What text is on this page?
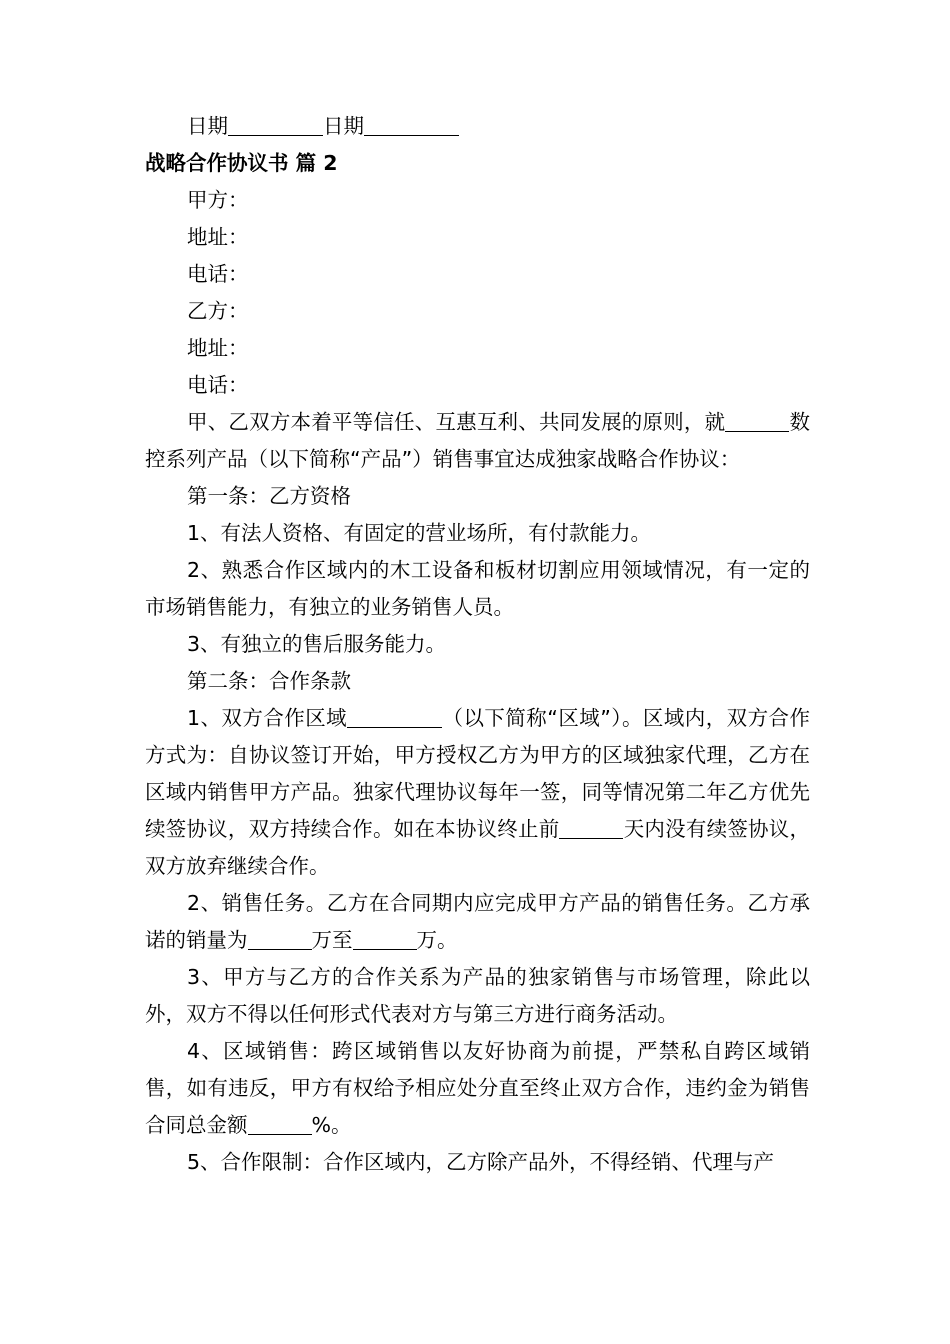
日期	日期
战略合作协议书 篇 2
甲方：
地址：
电话：
乙方：
地址：
电话：
甲、乙双方本着平等信任、互惠互利、共同发展的原则，就	数控系列产品（以下简称“产品”）销售事宜达成独家战略合作协议：
第一条：乙方资格
1、有法人资格、有固定的营业场所，有付款能力。
2、熟悉合作区域内的木工设备和板材切割应用领域情况，有一定的市场销售能力，有独立的业务销售人员。
3、有独立的售后服务能力。
第二条：合作条款
1、双方合作区域	（以下简称“区域”）。区域内，双方合作方式为：自协议签订开始，甲方授权乙方为甲方的区域独家代理，乙方在区域内销售甲方产品。独家代理协议每年一签，同等情况第二年乙方优先续签协议，双方持续合作。如在本协议终止前	天内没有续签协议，双方放弃继续合作。
2、销售任务。乙方在合同期内应完成甲方产品的销售任务。乙方承诺的销量为	万至	万。
3、甲方与乙方的合作关系为产品的独家销售与市场管理，除此以外，双方不得以任何形式代表对方与第三方进行商务活动。
4、区域销售：跨区域销售以友好协商为前提，严禁私自跨区域销售，如有违反，甲方有权给予相应处分直至终止双方合作，违约金为销售合同总金额	%。
5、合作限制：合作区域内，乙方除产品外，不得经销、代理与产
